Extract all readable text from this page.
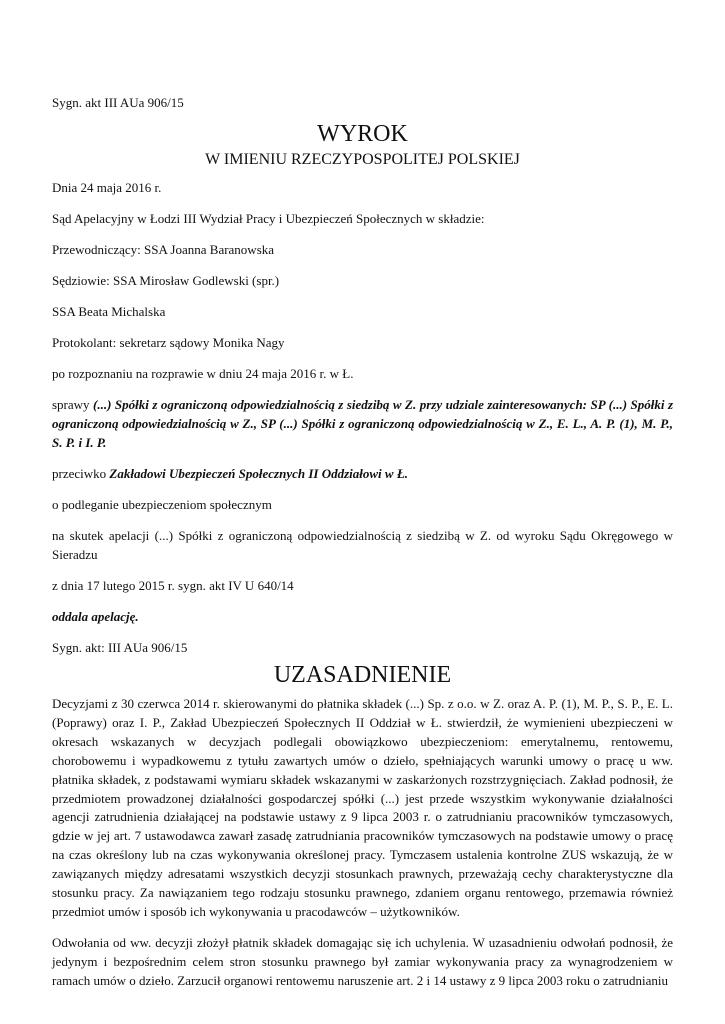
Sygn. akt III AUa 906/15

WYROK

W IMIENIU RZECZYPOSPOLITEJ POLSKIEJ

Dnia 24 maja 2016 r.

Sąd Apelacyjny w Łodzi III Wydział Pracy i Ubezpieczeń Społecznych w składzie:

Przewodniczący: SSA Joanna Baranowska

Sędziowie: SSA Mirosław Godlewski (spr.)

SSA Beata Michalska

Protokolant: sekretarz sądowy Monika Nagy

po rozpoznaniu na rozprawie w dniu 24 maja 2016 r. w Ł.

sprawy (...) Spółki z ograniczoną odpowiedzialnością z siedzibą w Z. przy udziale zainteresowanych: SP (...) Spółki z ograniczoną odpowiedzialnością w Z., SP (...) Spółki z ograniczoną odpowiedzialnością w Z., E. L., A. P. (1), M. P., S. P. i I. P.

przeciwko Zakładowi Ubezpieczeń Społecznych II Oddziałowi w Ł.

o podleganie ubezpieczeniom społecznym

na skutek apelacji (...) Spółki z ograniczoną odpowiedzialnością z siedzibą w Z. od wyroku Sądu Okręgowego w Sieradzu

z dnia 17 lutego 2015 r. sygn. akt IV U 640/14

oddala apelację.

Sygn. akt: III AUa 906/15

UZASADNIENIE

Decyzjami z 30 czerwca 2014 r. skierowanymi do płatnika składek (...) Sp. z o.o. w Z. oraz A. P. (1), M. P., S. P., E. L. (Poprawy) oraz I. P., Zakład Ubezpieczeń Społecznych II Oddział w Ł. stwierdził, że wymienieni ubezpieczeni w okresach wskazanych w decyzjach podlegali obowiązkowo ubezpieczeniom: emerytalnemu, rentowemu, chorobowemu i wypadkowemu z tytułu zawartych umów o dzieło, spełniających warunki umowy o pracę u ww. płatnika składek, z podstawami wymiaru składek wskazanymi w zaskarżonych rozstrzygnięciach. Zakład podnosił, że przedmiotem prowadzonej działalności gospodarczej spółki (...) jest przede wszystkim wykonywanie działalności agencji zatrudnienia działającej na podstawie ustawy z 9 lipca 2003 r. o zatrudnianiu pracowników tymczasowych, gdzie w jej art. 7 ustawodawca zawarł zasadę zatrudniania pracowników tymczasowych na podstawie umowy o pracę na czas określony lub na czas wykonywania określonej pracy. Tymczasem ustalenia kontrolne ZUS wskazują, że w zawiązanych między adresatami wszystkich decyzji stosunkach prawnych, przeważają cechy charakterystyczne dla stosunku pracy. Za nawiązaniem tego rodzaju stosunku prawnego, zdaniem organu rentowego, przemawia również przedmiot umów i sposób ich wykonywania u pracodawców – użytkowników.

Odwołania od ww. decyzji złożył płatnik składek domagając się ich uchylenia. W uzasadnieniu odwołań podnosił, że jedynym i bezpośrednim celem stron stosunku prawnego był zamiar wykonywania pracy za wynagrodzeniem w ramach umów o dzieło. Zarzucił organowi rentowemu naruszenie art. 2 i 14 ustawy z 9 lipca 2003 roku o zatrudnianiu
